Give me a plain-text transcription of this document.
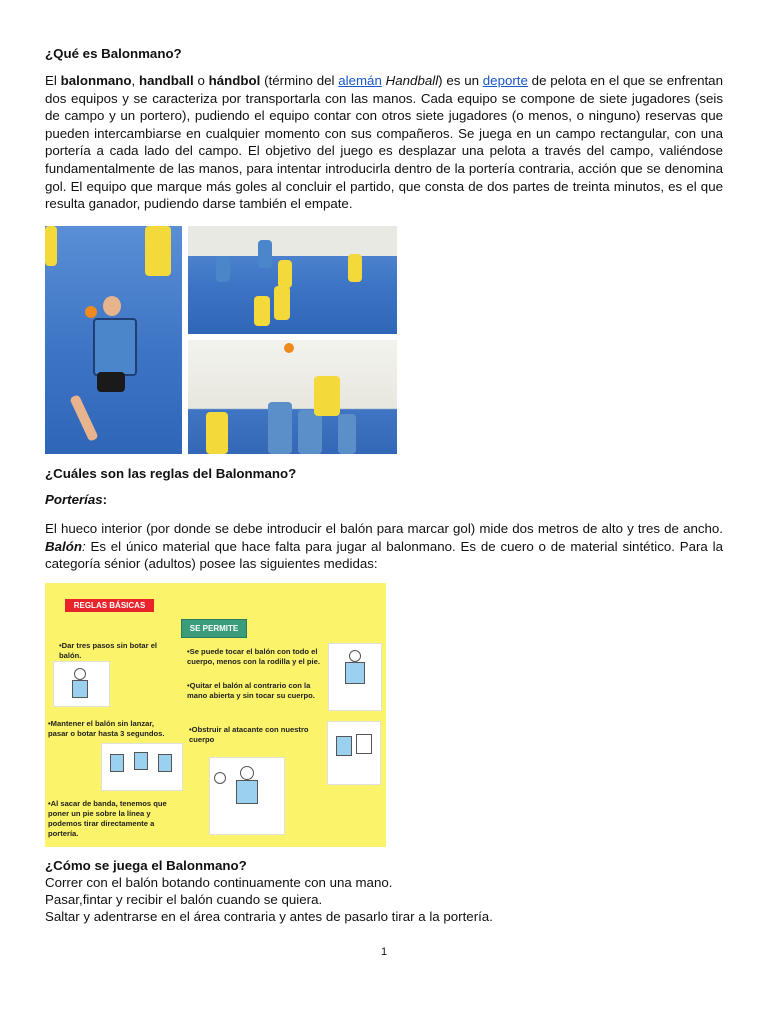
¿Qué es Balonmano?
El balonmano, handball o hándbol (término del alemán Handball) es un deporte de pelota en el que se enfrentan dos equipos y se caracteriza por transportarla con las manos. Cada equipo se compone de siete jugadores (seis de campo y un portero), pudiendo el equipo contar con otros siete jugadores (o menos, o ninguno) reservas que pueden intercambiarse en cualquier momento con sus compañeros. Se juega en un campo rectangular, con una portería a cada lado del campo. El objetivo del juego es desplazar una pelota a través del campo, valiéndose fundamentalmente de las manos, para intentar introducirla dentro de la portería contraria, acción que se denomina gol. El equipo que marque más goles al concluir el partido, que consta de dos partes de treinta minutos, es el que resulta ganador, pudiendo darse también el empate.
¿Cuáles son las reglas del Balonmano?
Porterías:
El hueco interior (por donde se debe introducir el balón para marcar gol) mide dos metros de alto y tres de ancho. Balón: Es el único material que hace falta para jugar al balonmano. Es de cuero o de material sintético. Para la categoría sénior (adultos) posee las siguientes medidas:
REGLAS BÁSICAS
SE PERMITE
•Dar tres pasos sin botar el balón.
•Mantener el balón sin lanzar, pasar o botar hasta 3 segundos.
•Al sacar de banda, tenemos que poner un pie sobre la línea y podemos tirar directamente a portería.
•Se puede tocar el balón con todo el cuerpo, menos con la rodilla y el pie.
•Quitar el balón al contrario con la mano abierta y sin tocar su cuerpo.
•Obstruir al atacante con nuestro cuerpo
¿Cómo se juega el Balonmano?
Correr con el balón botando continuamente con una mano.
Pasar,fintar y recibir el balón cuando se quiera.
Saltar y adentrarse en el área contraria y antes de pasarlo tirar a la portería.
1
